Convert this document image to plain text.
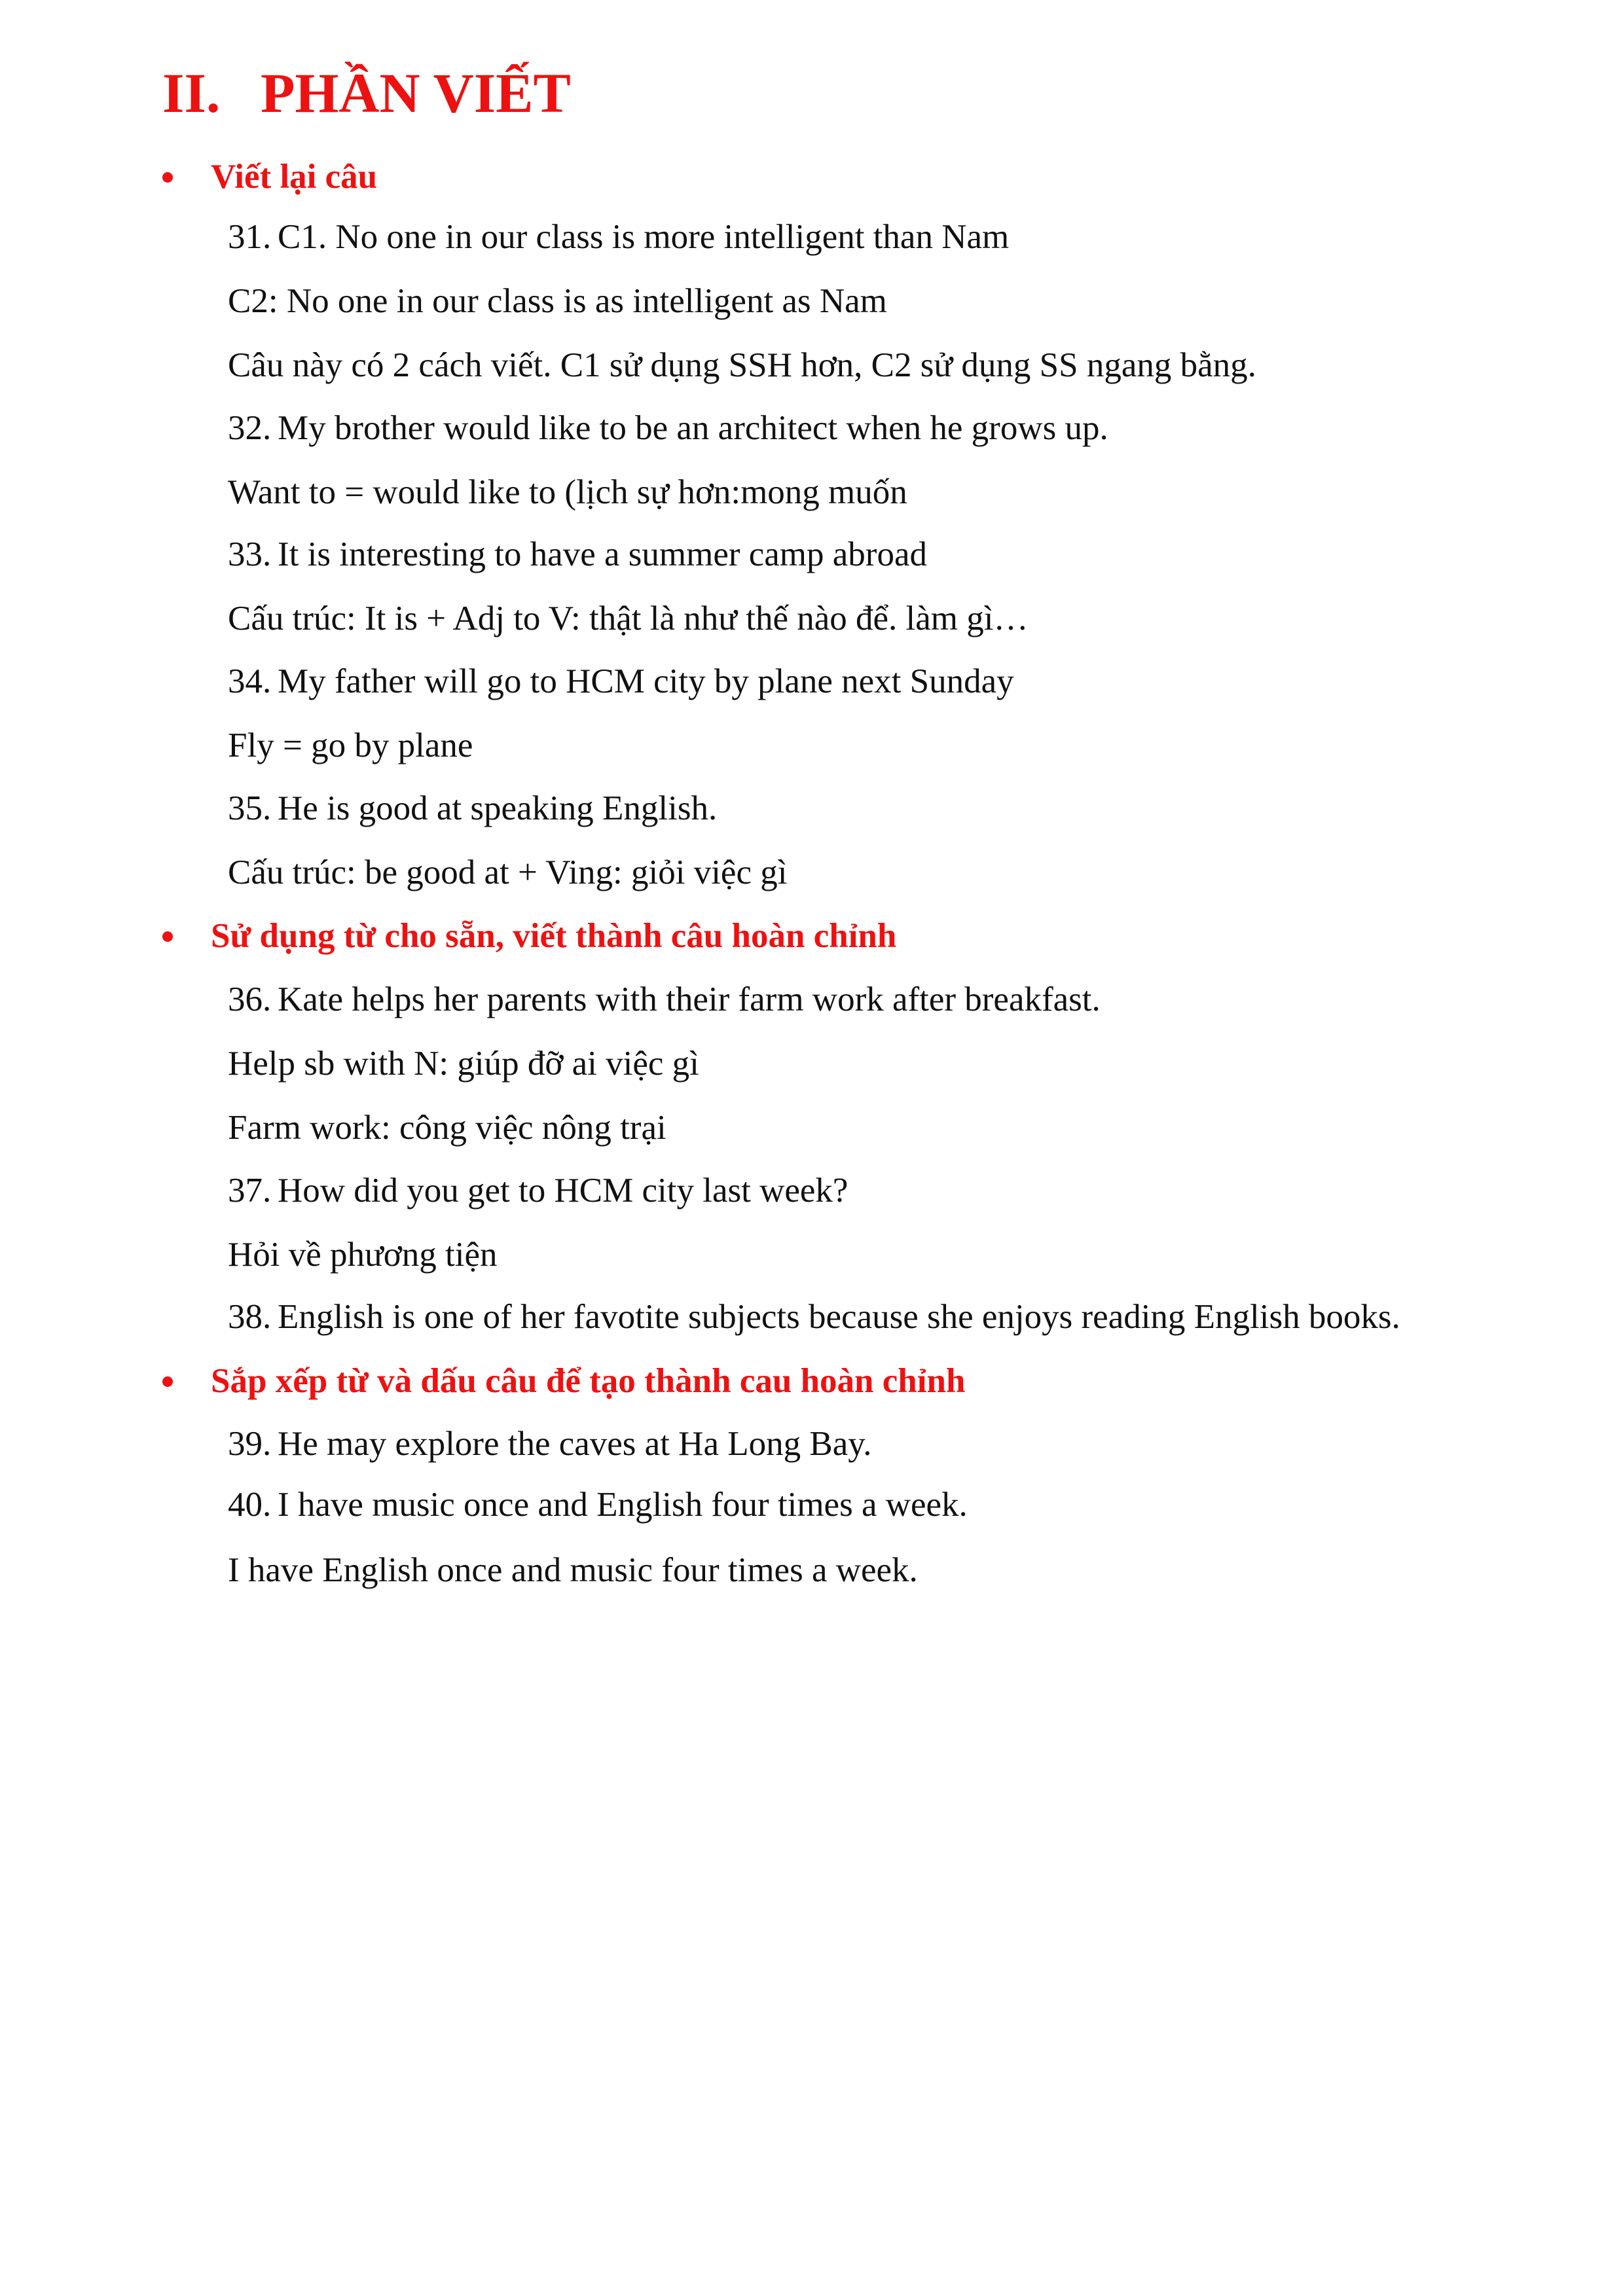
II. PHẦN VIẾT
Viết lại câu
31. C1. No one in our class is more intelligent than Nam
C2: No one in our class is as intelligent as Nam
Câu này có 2 cách viết. C1 sử dụng SSH hơn, C2 sử dụng SS ngang bằng.
32. My brother would like to be an architect when he grows up.
Want to = would like to (lịch sự hơn:mong muốn
33. It is interesting to have a summer camp abroad
Cấu trúc: It is + Adj to V: thật là như thế nào để. làm gì…
34. My father will go to HCM city by plane next Sunday
Fly = go by plane
35. He is good at speaking English.
Cấu trúc: be good at + Ving: giỏi việc gì
Sử dụng từ cho sẵn, viết thành câu hoàn chỉnh
36. Kate helps her parents with their farm work after breakfast.
Help sb with N: giúp đỡ ai việc gì
Farm work: công việc nông trại
37. How did you get to HCM city last week?
Hỏi về phương tiện
38. English is one of her favotite subjects because she enjoys reading English books.
Sắp xếp từ và dấu câu để tạo thành cau hoàn chỉnh
39. He may explore the caves at Ha Long Bay.
40. I have music once and English four times a week.
I have English once and music four times a week.
